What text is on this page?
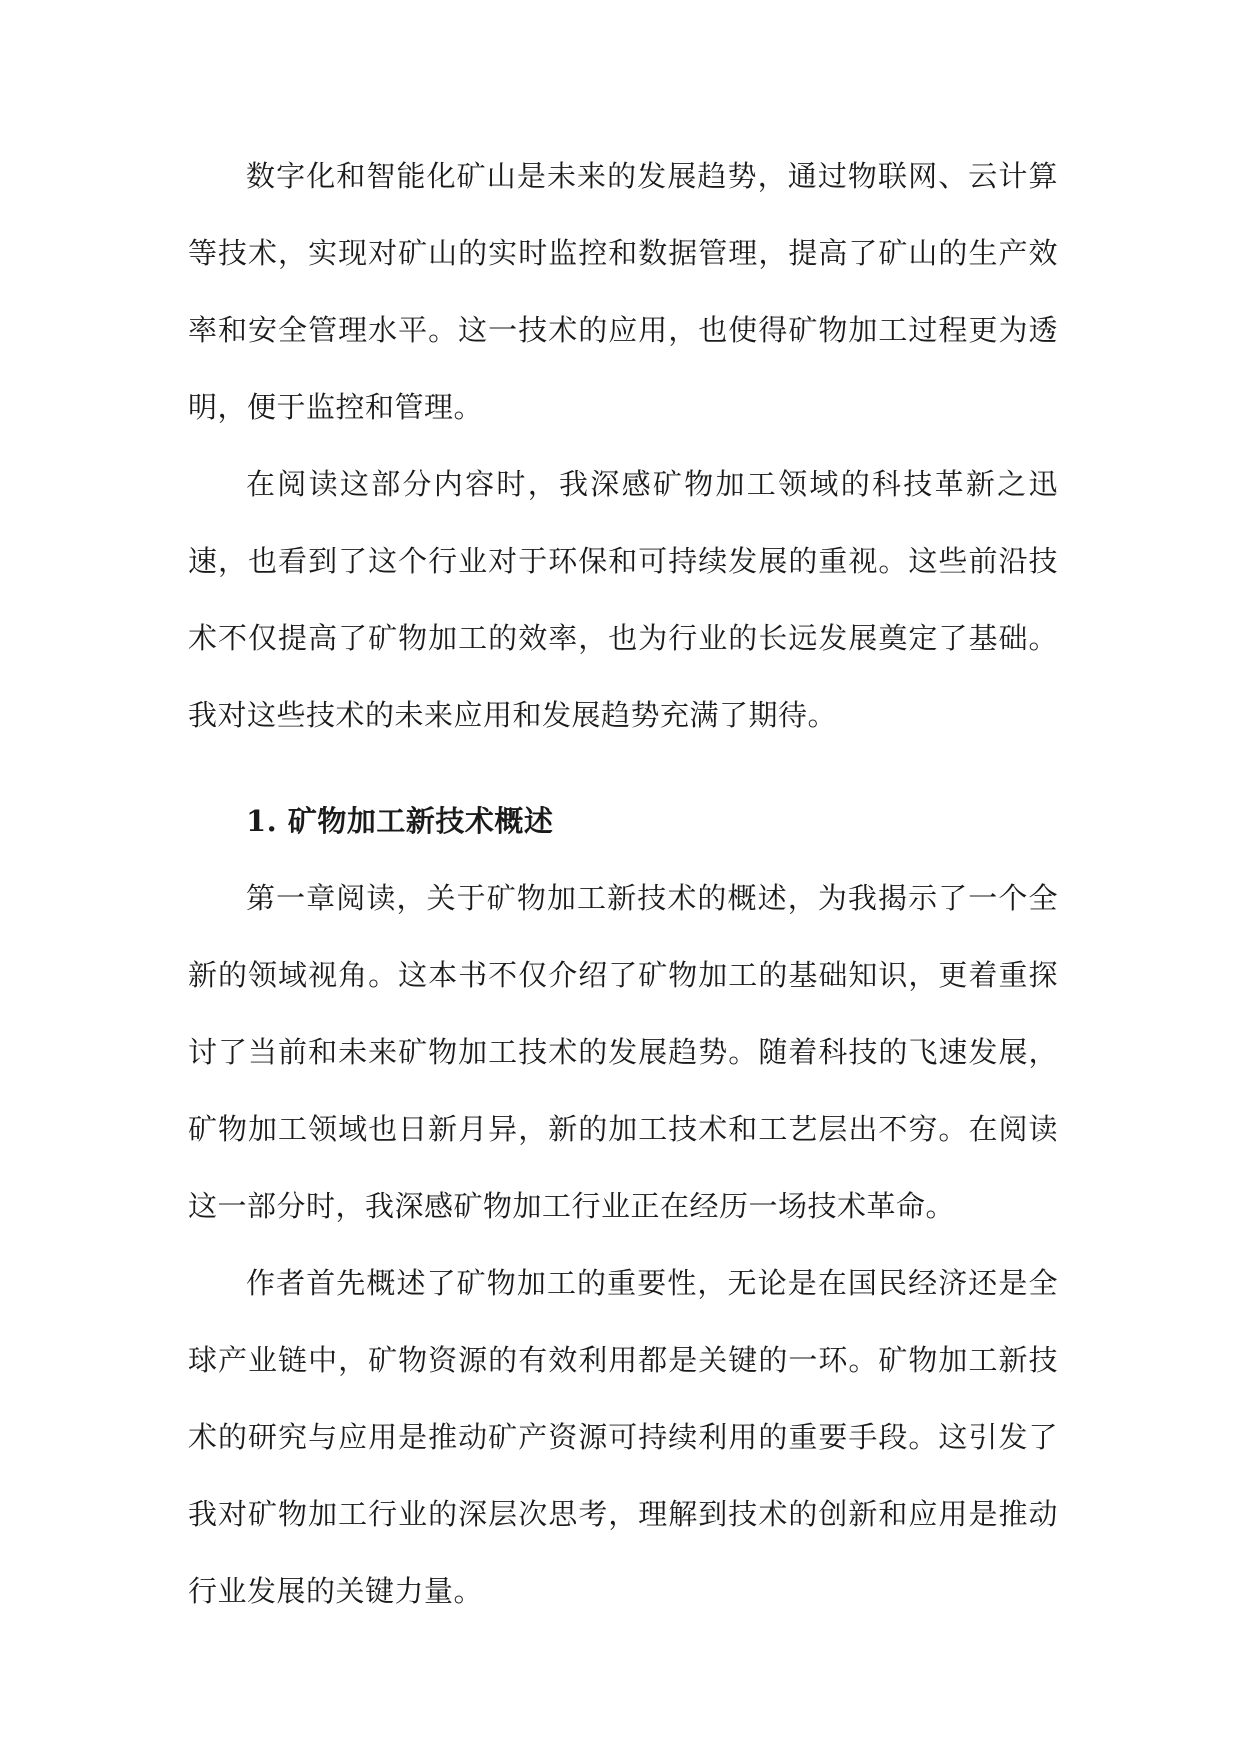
数字化和智能化矿山是未来的发展趋势，通过物联网、云计算等技术，实现对矿山的实时监控和数据管理，提高了矿山的生产效率和安全管理水平。这一技术的应用，也使得矿物加工过程更为透明，便于监控和管理。

在阅读这部分内容时，我深感矿物加工领域的科技革新之迅速，也看到了这个行业对于环保和可持续发展的重视。这些前沿技术不仅提高了矿物加工的效率，也为行业的长远发展奠定了基础。我对这些技术的未来应用和发展趋势充满了期待。

1. 矿物加工新技术概述

第一章阅读，关于矿物加工新技术的概述，为我揭示了一个全新的领域视角。这本书不仅介绍了矿物加工的基础知识，更着重探讨了当前和未来矿物加工技术的发展趋势。随着科技的飞速发展，矿物加工领域也日新月异，新的加工技术和工艺层出不穷。在阅读这一部分时，我深感矿物加工行业正在经历一场技术革命。

作者首先概述了矿物加工的重要性，无论是在国民经济还是全球产业链中，矿物资源的有效利用都是关键的一环。矿物加工新技术的研究与应用是推动矿产资源可持续利用的重要手段。这引发了我对矿物加工行业的深层次思考，理解到技术的创新和应用是推动行业发展的关键力量。
